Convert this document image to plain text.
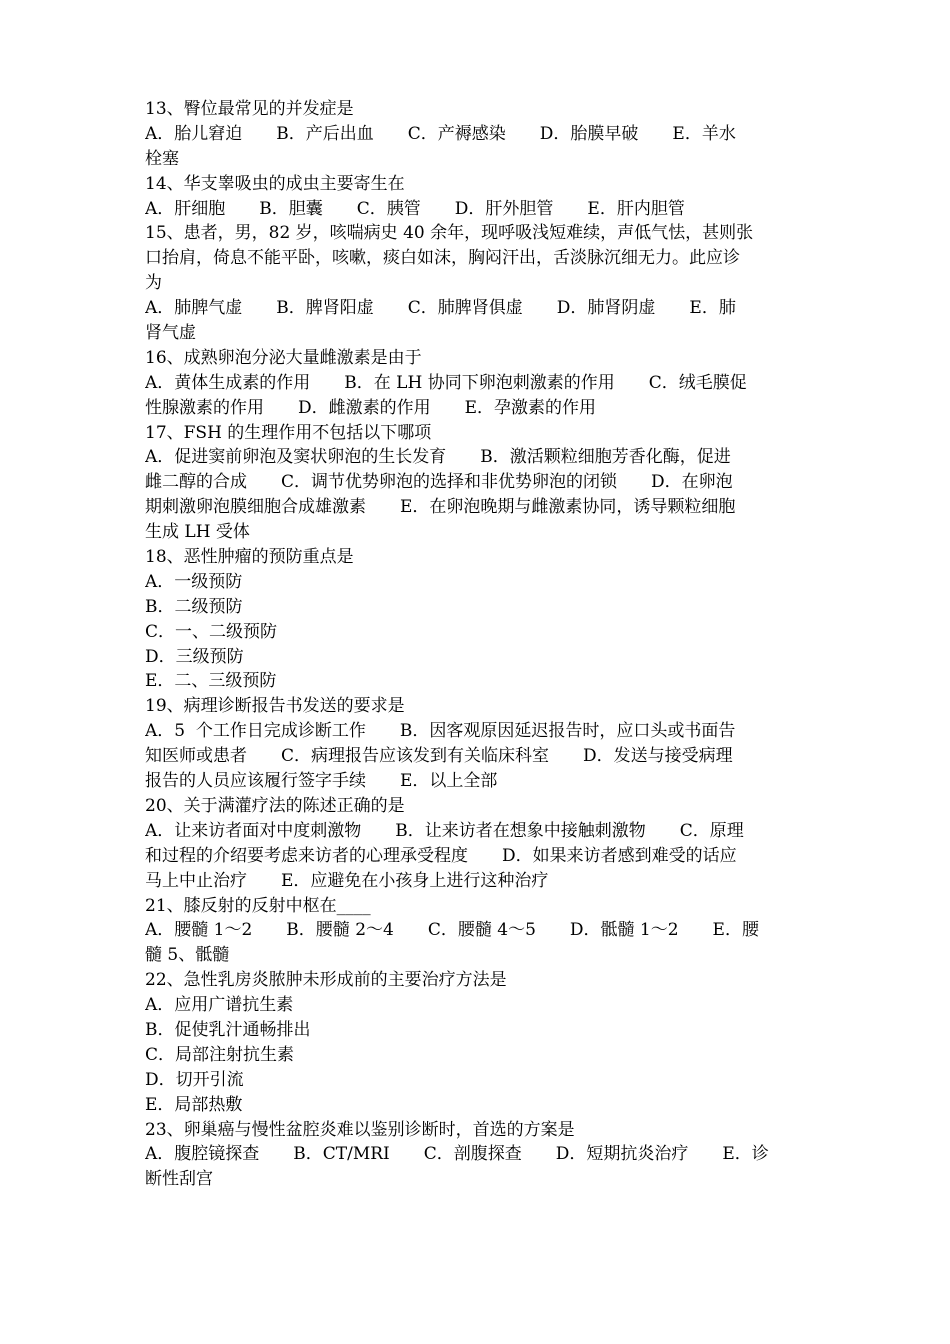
13、臀位最常见的并发症是
A．胎儿窘迫　　B．产后出血　　C．产褥感染　　D．胎膜早破　　E．羊水
栓塞
14、华支睾吸虫的成虫主要寄生在
A．肝细胞　　B．胆囊　　C．胰管　　D．肝外胆管　　E．肝内胆管
15、患者，男，82 岁，咳喘病史 40 余年，现呼吸浅短难续，声低气怯，甚则张
口抬肩，倚息不能平卧，咳嗽，痰白如沫，胸闷汗出，舌淡脉沉细无力。此应诊
为
A．肺脾气虚　　B．脾肾阳虚　　C．肺脾肾俱虚　　D．肺肾阴虚　　E．肺
肾气虚
16、成熟卵泡分泌大量雌激素是由于
A．黄体生成素的作用　　B．在 LH 协同下卵泡刺激素的作用　　C．绒毛膜促
性腺激素的作用　　D．雌激素的作用　　E．孕激素的作用
17、FSH 的生理作用不包括以下哪项
A．促进窦前卵泡及窦状卵泡的生长发育　　B．激活颗粒细胞芳香化酶，促进
雌二醇的合成　　C．调节优势卵泡的选择和非优势卵泡的闭锁　　D．在卵泡
期刺激卵泡膜细胞合成雄激素　　E．在卵泡晚期与雌激素协同，诱导颗粒细胞
生成 LH 受体
18、恶性肿瘤的预防重点是
A．一级预防
B．二级预防
C．一、二级预防
D．三级预防
E．二、三级预防
19、病理诊断报告书发送的要求是
A．5  个工作日完成诊断工作　　B．因客观原因延迟报告时，应口头或书面告
知医师或患者　　C．病理报告应该发到有关临床科室　　D．发送与接受病理
报告的人员应该履行签字手续　　E．以上全部
20、关于满灌疗法的陈述正确的是
A．让来访者面对中度刺激物　　B．让来访者在想象中接触刺激物　　C．原理
和过程的介绍要考虑来访者的心理承受程度　　D．如果来访者感到难受的话应
马上中止治疗　　E．应避免在小孩身上进行这种治疗
21、膝反射的反射中枢在____
A．腰髓 1～2　　B．腰髓 2～4　　C．腰髓 4～5　　D．骶髓 1～2　　E．腰
髓 5、骶髓
22、急性乳房炎脓肿未形成前的主要治疗方法是
A．应用广谱抗生素
B．促使乳汁通畅排出
C．局部注射抗生素
D．切开引流
E．局部热敷
23、卵巢癌与慢性盆腔炎难以鉴别诊断时，首选的方案是
A．腹腔镜探查　　B．CT/MRI　　C．剖腹探查　　D．短期抗炎治疗　　E．诊
断性刮宫
